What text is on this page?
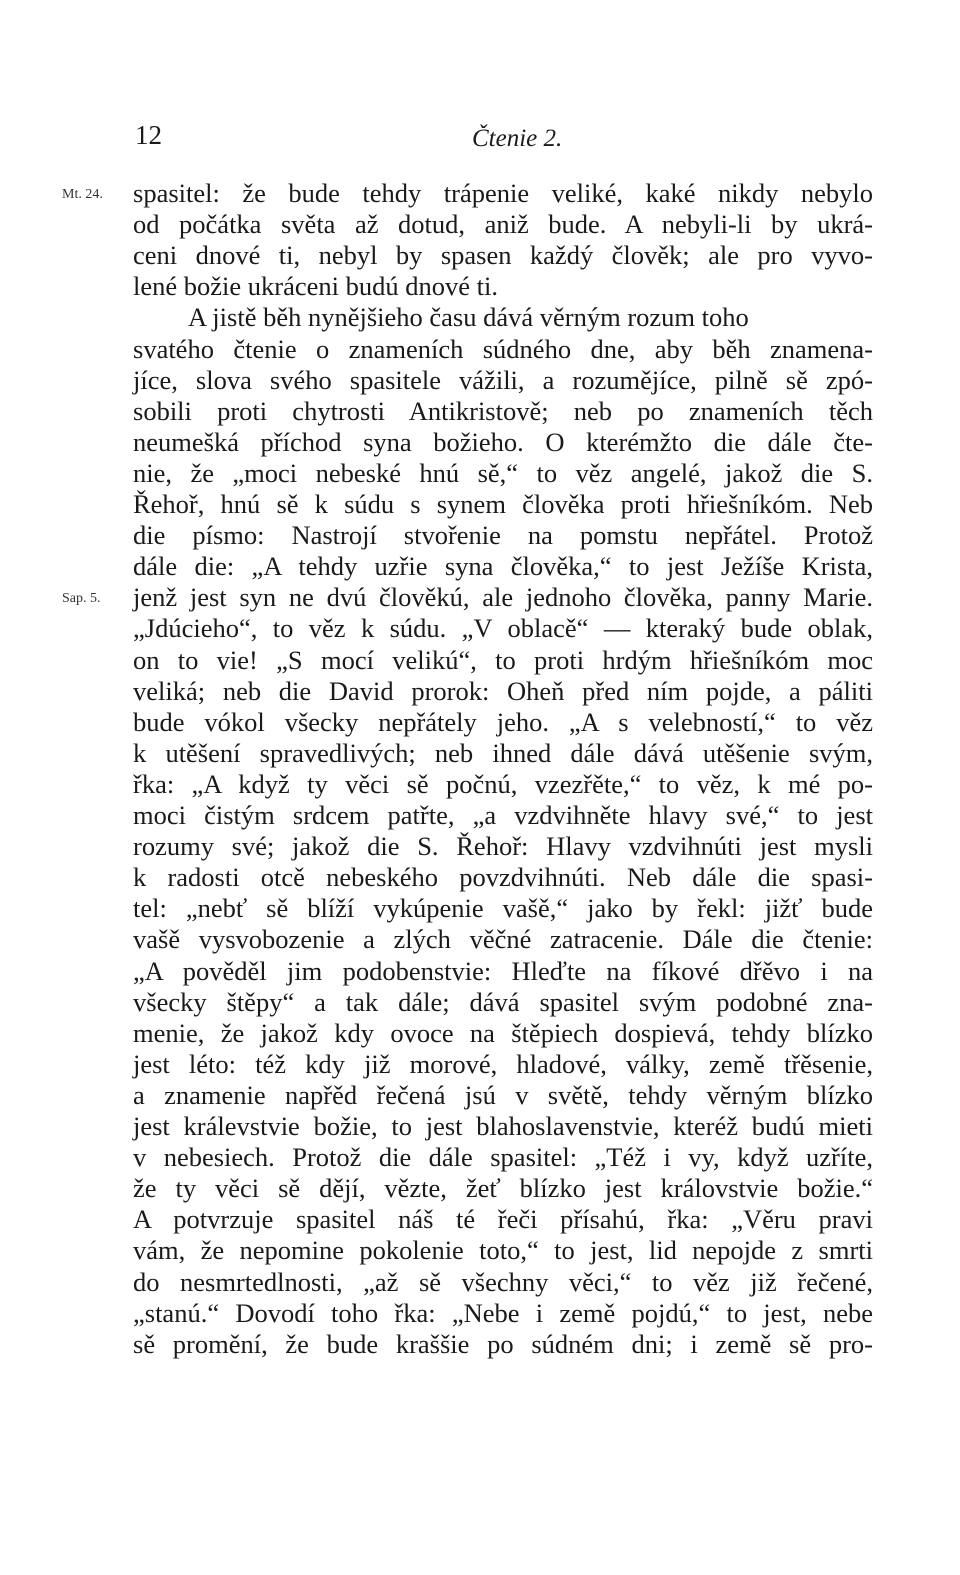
12	Čtenie 2.
Mt. 24.
Sap. 5.
spasitel: že bude tehdy trápenie veliké, kaké nikdy nebylo
od počátka světa až dotud, aniž bude. A nebyli-li by ukrá-
ceni dnové ti, nebyl by spasen každý člověk; ale pro vyvo-
lené božie ukráceni budú dnové ti.
A jistě běh nynějšieho času dává věrným rozum toho
svatého čtenie o znameních súdného dne, aby běh znamena-
jíce, slova svého spasitele vážili, a rozumějíce, pilně sě zpó-
sobili proti chytrosti Antikristově; neb po znameních těch
neumešká příchod syna božieho. O kterémžto die dále čte-
nie, že „moci nebeské hnú sě,“ to věz angelé, jakož die S.
Řehoř, hnú sě k súdu s synem člověka proti hřiešníkóm. Neb
die písmo: Nastrojí stvořenie na pomstu nepřátel. Protož
dále die: „A tehdy uzřie syna člověka,“ to jest Ježíše Krista,
jenž jest syn ne dvú člověkú, ale jednoho člověka, panny Marie.
„Jdúcieho“, to věz k súdu. „V oblacě“ — kteraký bude oblak,
on to vie! „S mocí velikú“, to proti hrdým hřiešníkóm moc
veliká; neb die David prorok: Oheň před ním pojde, a páliti
bude vókol všecky nepřátely jeho. „A s velebností,“ to věz
k utěšení spravedlivých; neb ihned dále dává utěšenie svým,
řka: „A když ty věci sě počnú, vzezřěte,“ to věz, k mé po-
moci čistým srdcem patřte, „a vzdvihněte hlavy své,“ to jest
rozumy své; jakož die S. Řehoř: Hlavy vzdvihnúti jest mysli
k radosti otcě nebeského povzdvihnúti. Neb dále die spasi-
tel: „nebť sě blíží vykúpenie vašě,“ jako by řekl: jižť bude
vašě vysvobozenie a zlých věčné zatracenie. Dále die čtenie:
„A pověděl jim podobenstvie: Hleďte na fíkové dřěvo i na
všecky štěpy“ a tak dále; dává spasitel svým podobné zna-
menie, že jakož kdy ovoce na štěpiech dospievá, tehdy blízko
jest léto: též kdy již morové, hladové, války, země třěsenie,
a znamenie napřěd řečená jsú v světě, tehdy věrným blízko
jest králevstvie božie, to jest blahoslavenstvie, kteréž budú mieti
v nebesiech. Protož die dále spasitel: „Též i vy, když uzříte,
že ty věci sě dějí, vězte, žeť blízko jest královstvie božie.“
A potvrzuje spasitel náš té řeči přísahú, řka: „Věru pravi
vám, že nepomine pokolenie toto,“ to jest, lid nepojde z smrti
do nesmrtedlnosti, „až sě všechny věci,“ to věz již řečené,
„stanú.“ Dovodí toho řka: „Nebe i země pojdú,“ to jest, nebe
sě promění, že bude kraššie po súdném dni; i země sě pro-
